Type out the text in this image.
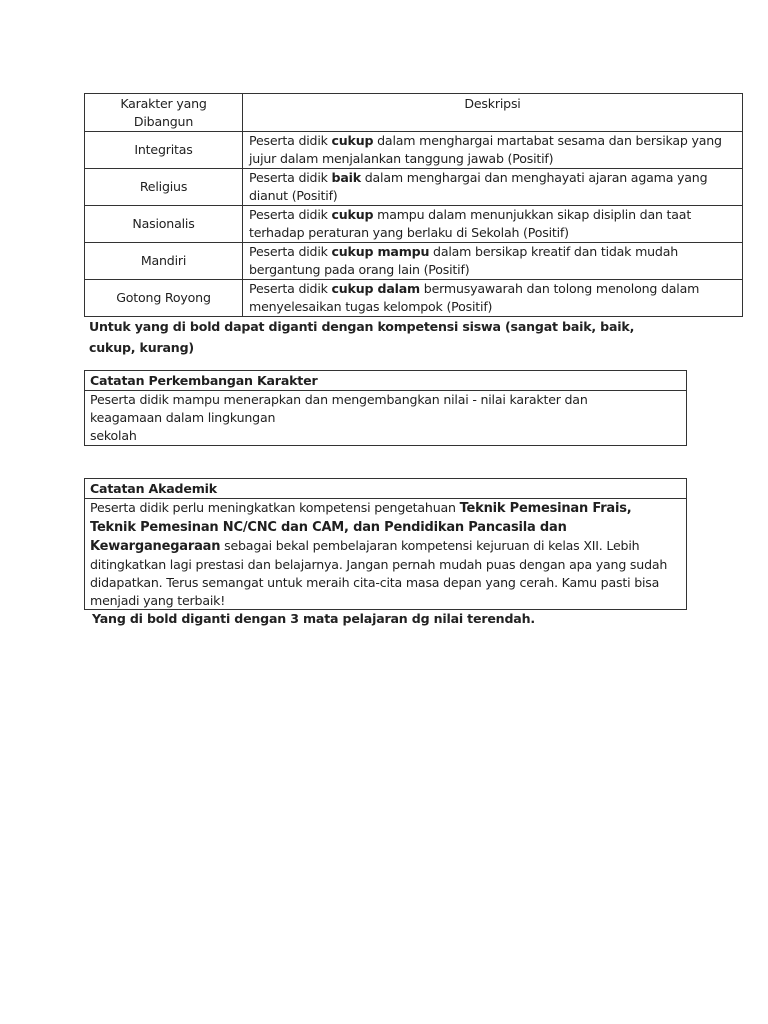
Karakter yang Dibangun	Deskripsi
Integritas	Peserta didik cukup dalam menghargai martabat sesama dan bersikap yang jujur dalam menjalankan tanggung jawab (Positif)
Religius	Peserta didik baik dalam menghargai dan menghayati ajaran agama yang dianut (Positif)
Nasionalis	Peserta didik cukup mampu dalam menunjukkan sikap disiplin dan taat terhadap peraturan yang berlaku di Sekolah (Positif)
Mandiri	Peserta didik cukup mampu dalam bersikap kreatif dan tidak mudah bergantung pada orang lain (Positif)
Gotong Royong	Peserta didik cukup dalam bermusyawarah dan tolong menolong dalam menyelesaikan tugas kelompok (Positif)
Untuk yang di bold dapat diganti dengan kompetensi siswa (sangat baik, baik, cukup, kurang)
Catatan Perkembangan Karakter
Peserta didik mampu menerapkan dan mengembangkan nilai - nilai karakter dan
keagamaan dalam lingkungan
sekolah
Catatan Akademik
Peserta didik perlu meningkatkan kompetensi pengetahuan Teknik Pemesinan Frais, Teknik Pemesinan NC/CNC dan CAM, dan Pendidikan Pancasila dan Kewarganegaraan sebagai bekal pembelajaran kompetensi kejuruan di kelas XII. Lebih ditingkatkan lagi prestasi dan belajarnya. Jangan pernah mudah puas dengan apa yang sudah didapatkan. Terus semangat untuk meraih cita-cita masa depan yang cerah. Kamu pasti bisa menjadi yang terbaik!
Yang di bold diganti dengan 3 mata pelajaran dg nilai terendah.
